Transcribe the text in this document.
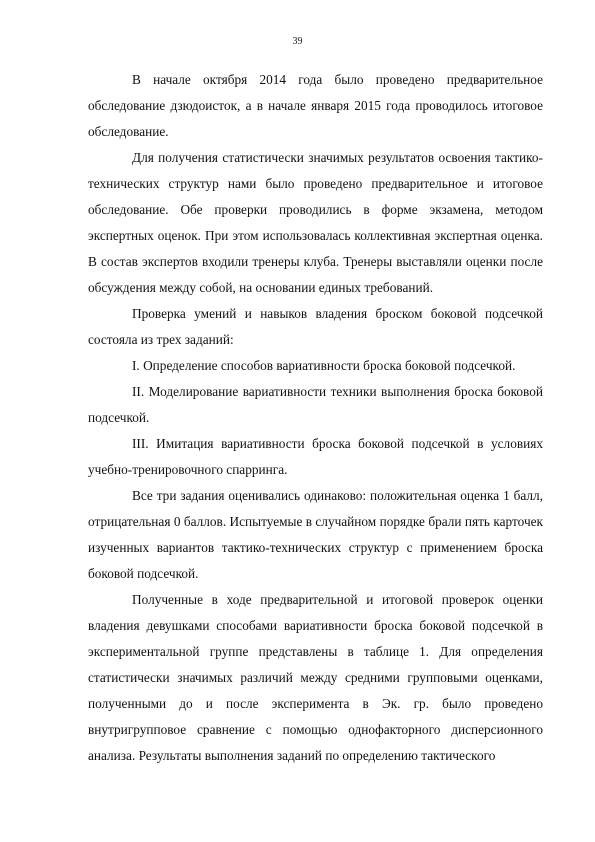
39

В начале октября 2014 года было проведено предварительное обследование дзюдоисток, а в начале января 2015 года проводилось итоговое обследование.

Для получения статистически значимых результатов освоения тактико-технических структур нами было проведено предварительное и итоговое обследование. Обе проверки проводились в форме экзамена, методом экспертных оценок. При этом использовалась коллективная экспертная оценка. В состав экспертов входили тренеры клуба. Тренеры выставляли оценки после обсуждения между собой, на основании единых требований.

Проверка умений и навыков владения броском боковой подсечкой состояла из трех заданий:

I. Определение способов вариативности броска боковой подсечкой.

II. Моделирование вариативности техники выполнения броска боковой подсечкой.

III. Имитация вариативности броска боковой подсечкой в условиях учебно-тренировочного спарринга.

Все три задания оценивались одинаково: положительная оценка 1 балл, отрицательная 0 баллов. Испытуемые в случайном порядке брали пять карточек изученных вариантов тактико-технических структур с применением броска боковой подсечкой.

Полученные в ходе предварительной и итоговой проверок оценки владения девушками способами вариативности броска боковой подсечкой в экспериментальной группе представлены в таблице 1. Для определения статистически значимых различий между средними групповыми оценками, полученными до и после эксперимента в Эк. гр. было проведено внутригрупповое сравнение с помощью однофакторного дисперсионного анализа. Результаты выполнения заданий по определению тактического
